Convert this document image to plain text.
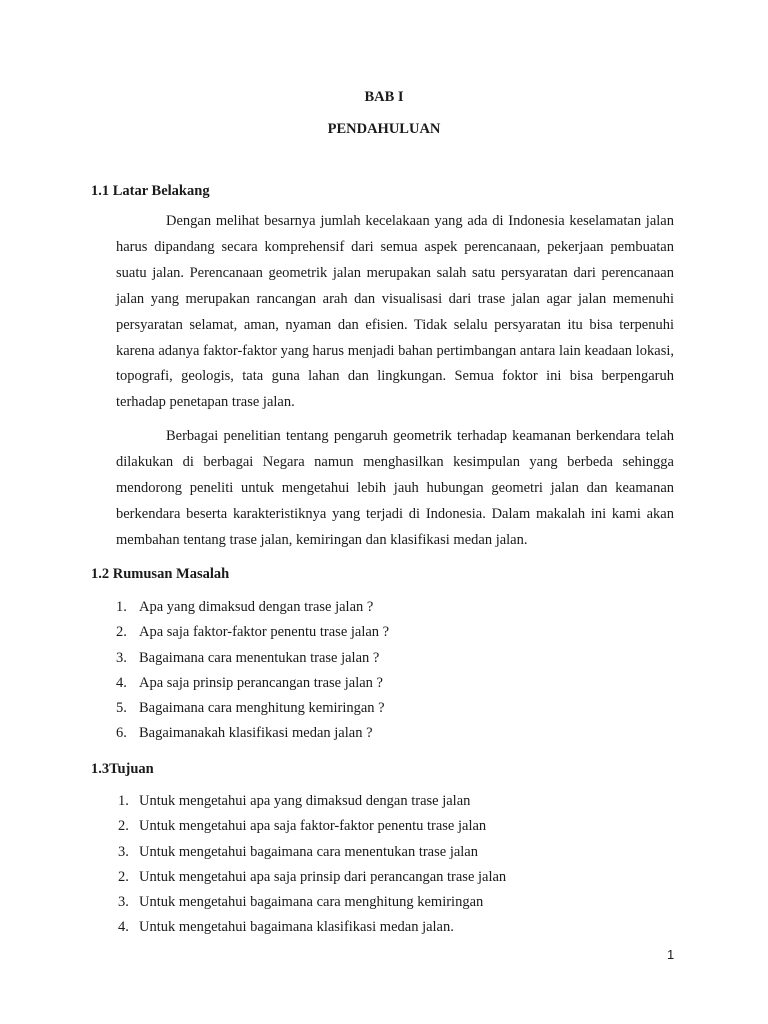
BAB I
PENDAHULUAN
1.1 Latar Belakang

Dengan melihat besarnya jumlah kecelakaan yang ada di Indonesia keselamatan jalan harus dipandang secara komprehensif dari semua aspek perencanaan, pekerjaan pembuatan suatu jalan. Perencanaan geometrik jalan merupakan salah satu persyaratan dari perencanaan jalan yang merupakan rancangan arah dan visualisasi dari trase jalan agar jalan memenuhi persyaratan selamat, aman, nyaman dan efisien. Tidak selalu persyaratan itu bisa terpenuhi karena adanya faktor-faktor yang harus menjadi bahan pertimbangan antara lain keadaan lokasi, topografi, geologis, tata guna lahan dan lingkungan. Semua foktor ini bisa berpengaruh terhadap penetapan trase jalan.

Berbagai penelitian tentang pengaruh geometrik terhadap keamanan berkendara telah dilakukan di berbagai Negara namun menghasilkan kesimpulan yang berbeda sehingga mendorong peneliti untuk mengetahui lebih jauh hubungan geometri jalan dan keamanan berkendara beserta karakteristiknya yang terjadi di Indonesia. Dalam makalah ini kami akan membahan tentang trase jalan, kemiringan dan klasifikasi medan jalan.

1.2 Rumusan Masalah
1. Apa yang dimaksud dengan trase jalan ?
2. Apa saja faktor-faktor penentu trase jalan ?
3. Bagaimana cara menentukan trase jalan ?
4. Apa saja prinsip perancangan trase jalan ?
5. Bagaimana cara menghitung kemiringan ?
6. Bagaimanakah klasifikasi medan jalan ?
1.3Tujuan
1. Untuk mengetahui apa yang dimaksud dengan trase jalan
2. Untuk mengetahui apa saja faktor-faktor penentu trase jalan
3. Untuk mengetahui bagaimana cara menentukan trase jalan
2. Untuk mengetahui apa saja prinsip dari perancangan trase jalan
3. Untuk mengetahui bagaimana cara menghitung kemiringan
4. Untuk mengetahui bagaimana klasifikasi medan jalan.
1
